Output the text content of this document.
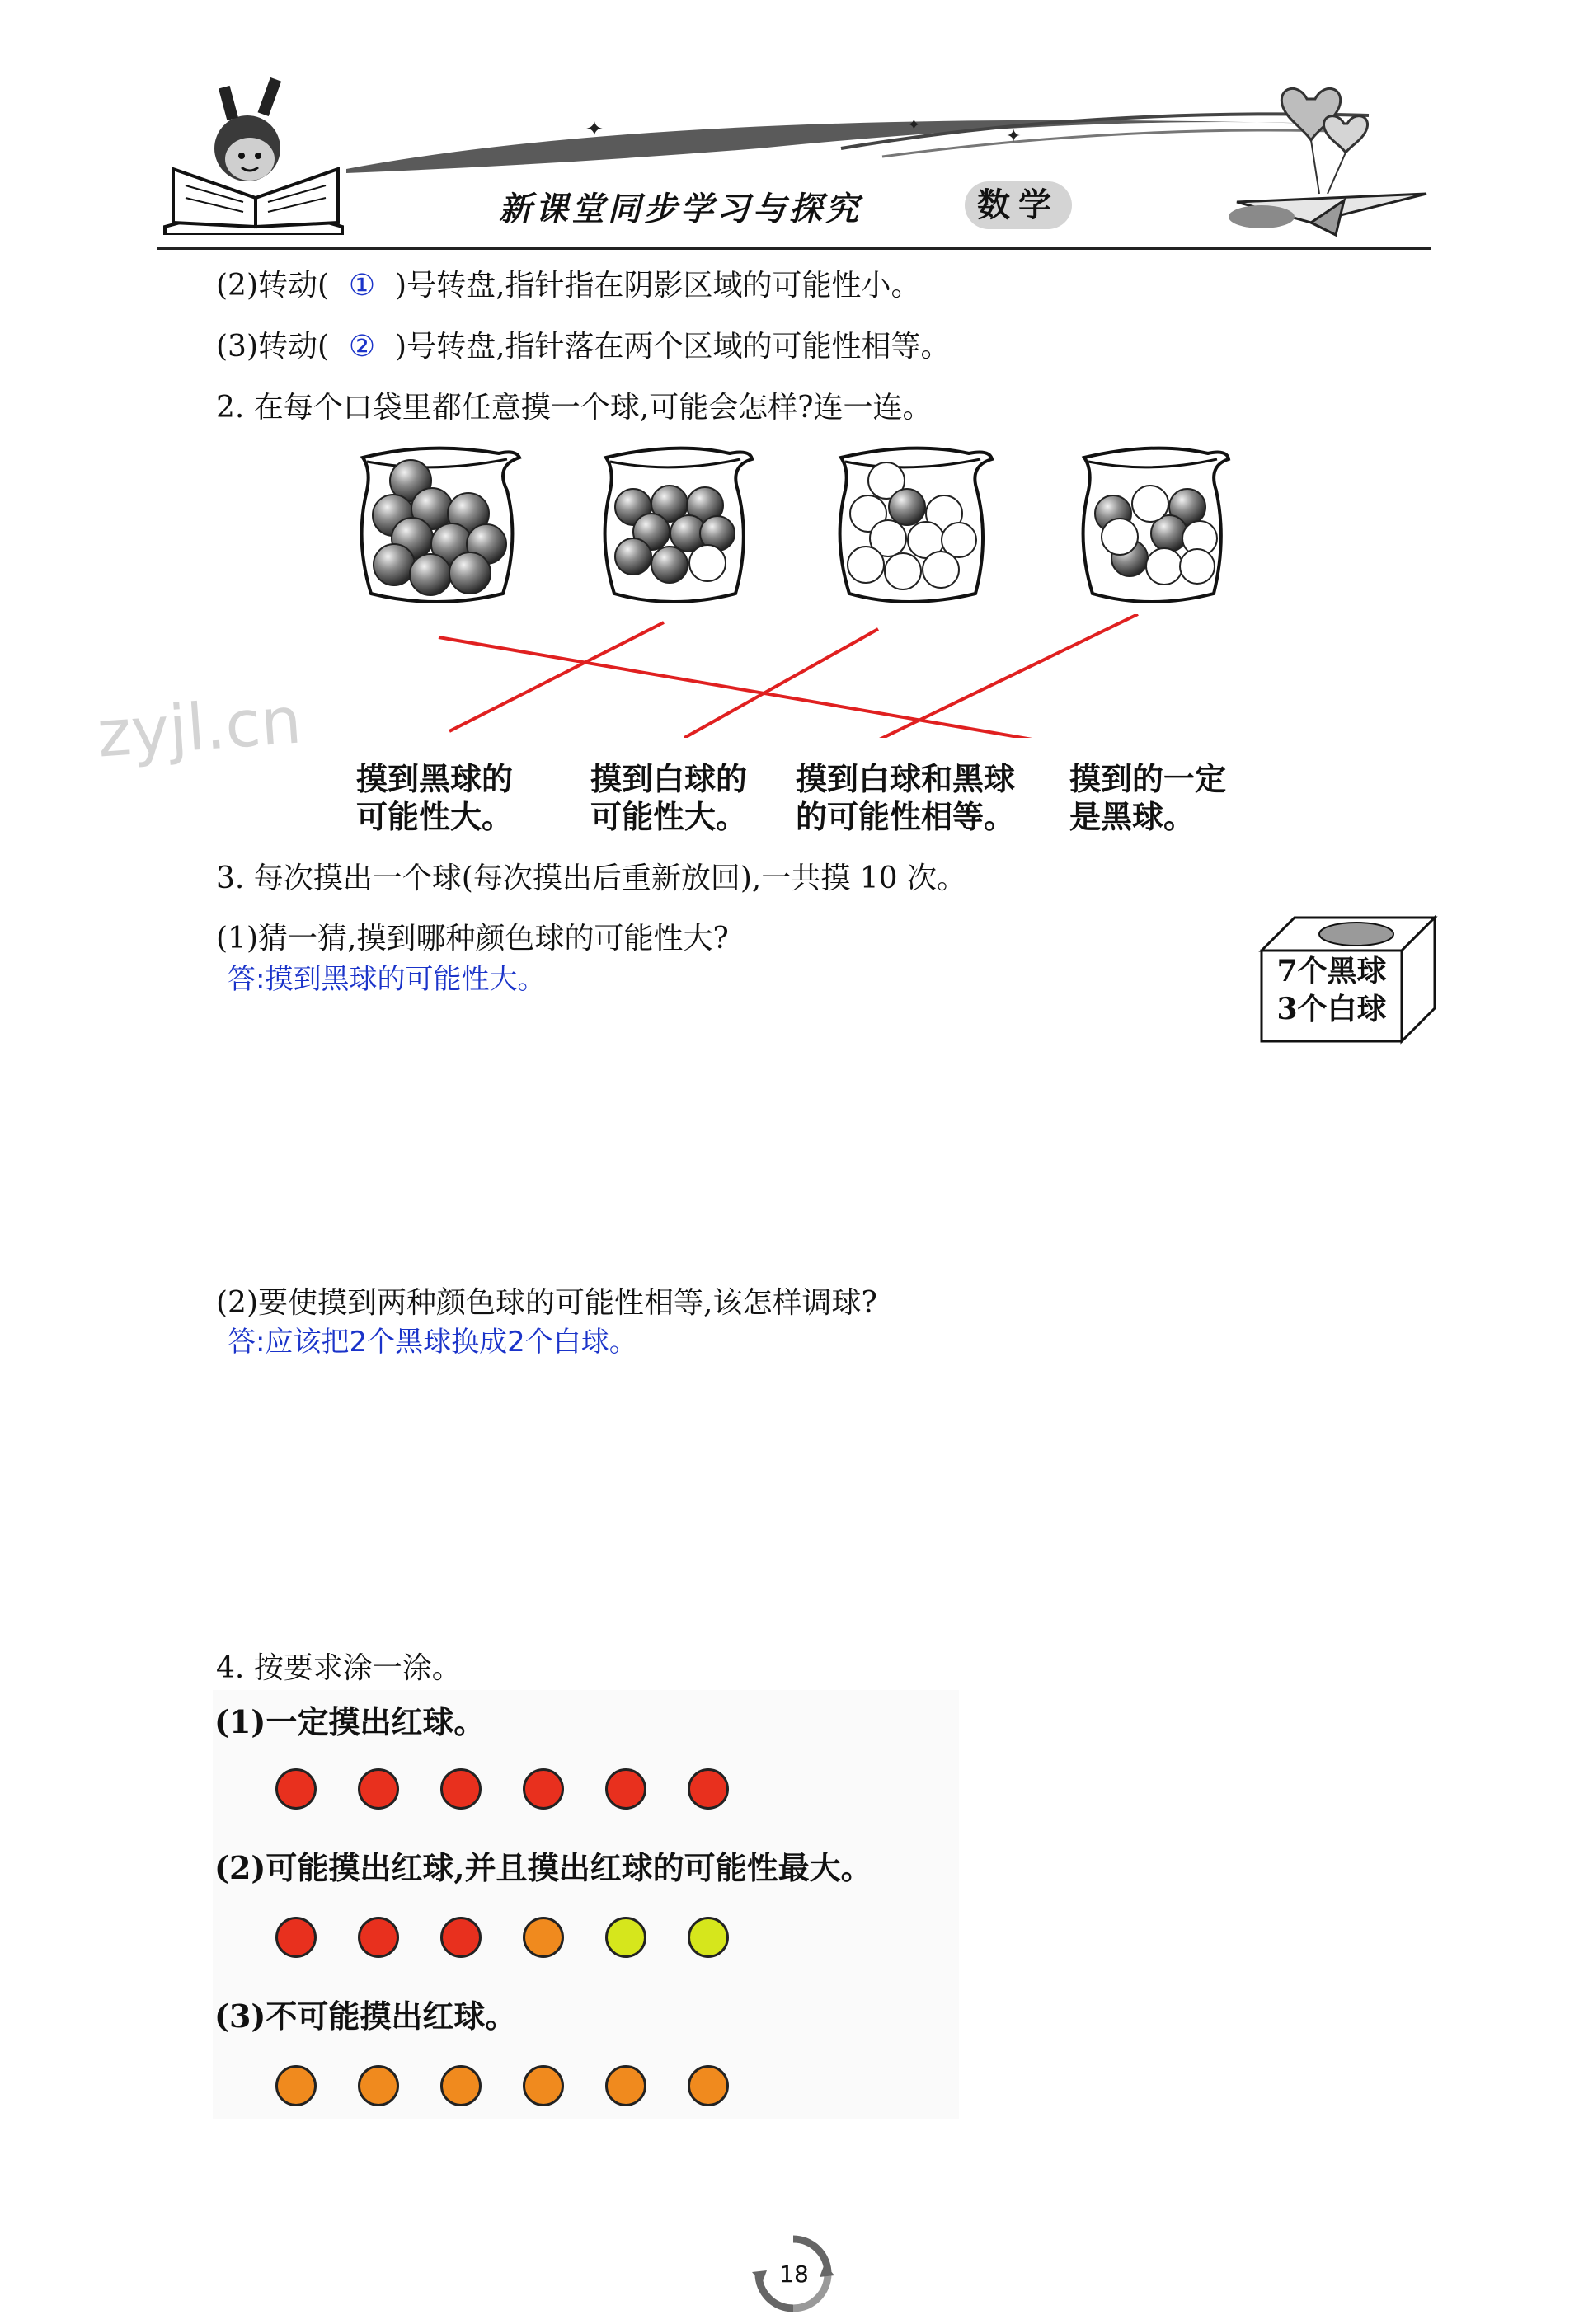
✦	✦
✦
新课堂同步学习与探究	数学
(2)转动( ① )号转盘,指针指在阴影区域的可能性小。
(3)转动( ② )号转盘,指针落在两个区域的可能性相等。
2. 在每个口袋里都任意摸一个球,可能会怎样?连一连。
zyjl.cn
摸到黑球的
可能性大。
摸到白球的
可能性大。
摸到白球和黑球
的可能性相等。
摸到的一定
是黑球。
3. 每次摸出一个球(每次摸出后重新放回),一共摸 10 次。
(1)猜一猜,摸到哪种颜色球的可能性大?
答:摸到黑球的可能性大。	7个黑球
3个白球
(2)要使摸到两种颜色球的可能性相等,该怎样调球?
答:应该把2个黑球换成2个白球。
4. 按要求涂一涂。
(1)一定摸出红球。
(2)可能摸出红球,并且摸出红球的可能性最大。
(3)不可能摸出红球。
18
